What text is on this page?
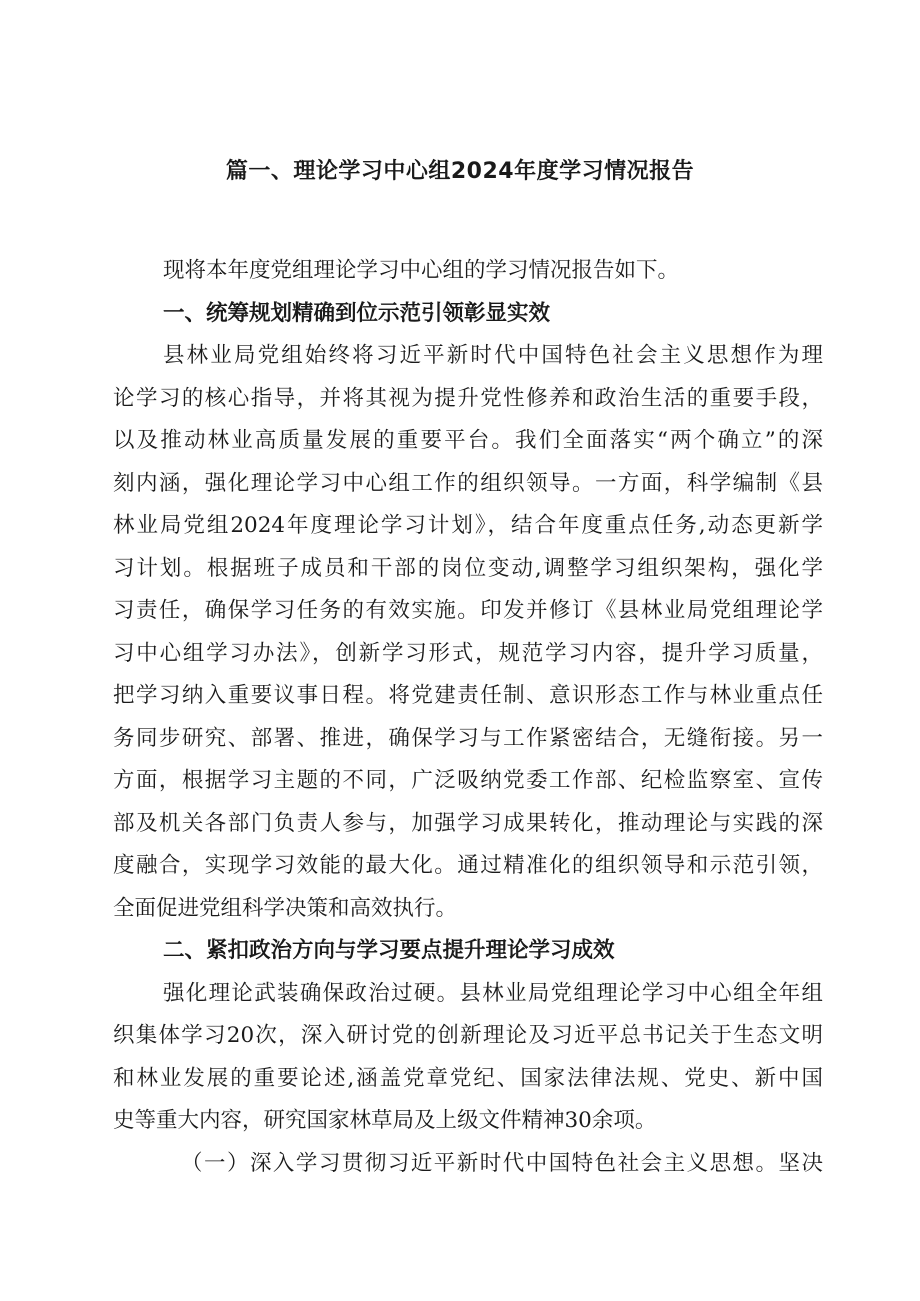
篇一、理论学习中心组2024年度学习情况报告
现将本年度党组理论学习中心组的学习情况报告如下。
一、统筹规划精确到位示范引领彰显实效
县林业局党组始终将习近平新时代中国特色社会主义思想作为理
论学习的核心指导，并将其视为提升党性修养和政治生活的重要手段，
以及推动林业高质量发展的重要平台。我们全面落实“两个确立”的深
刻内涵，强化理论学习中心组工作的组织领导。一方面，科学编制《县
林业局党组2024年度理论学习计划》，结合年度重点任务,动态更新学
习计划。根据班子成员和干部的岗位变动,调整学习组织架构，强化学
习责任，确保学习任务的有效实施。印发并修订《县林业局党组理论学
习中心组学习办法》，创新学习形式，规范学习内容，提升学习质量，
把学习纳入重要议事日程。将党建责任制、意识形态工作与林业重点任
务同步研究、部署、推进，确保学习与工作紧密结合，无缝衔接。另一
方面，根据学习主题的不同，广泛吸纳党委工作部、纪检监察室、宣传
部及机关各部门负责人参与，加强学习成果转化，推动理论与实践的深
度融合，实现学习效能的最大化。通过精准化的组织领导和示范引领，
全面促进党组科学决策和高效执行。
二、紧扣政治方向与学习要点提升理论学习成效
强化理论武装确保政治过硬。县林业局党组理论学习中心组全年组
织集体学习20次，深入研讨党的创新理论及习近平总书记关于生态文明
和林业发展的重要论述,涵盖党章党纪、国家法律法规、党史、新中国
史等重大内容，研究国家林草局及上级文件精神30余项。
（一）深入学习贯彻习近平新时代中国特色社会主义思想。坚决
